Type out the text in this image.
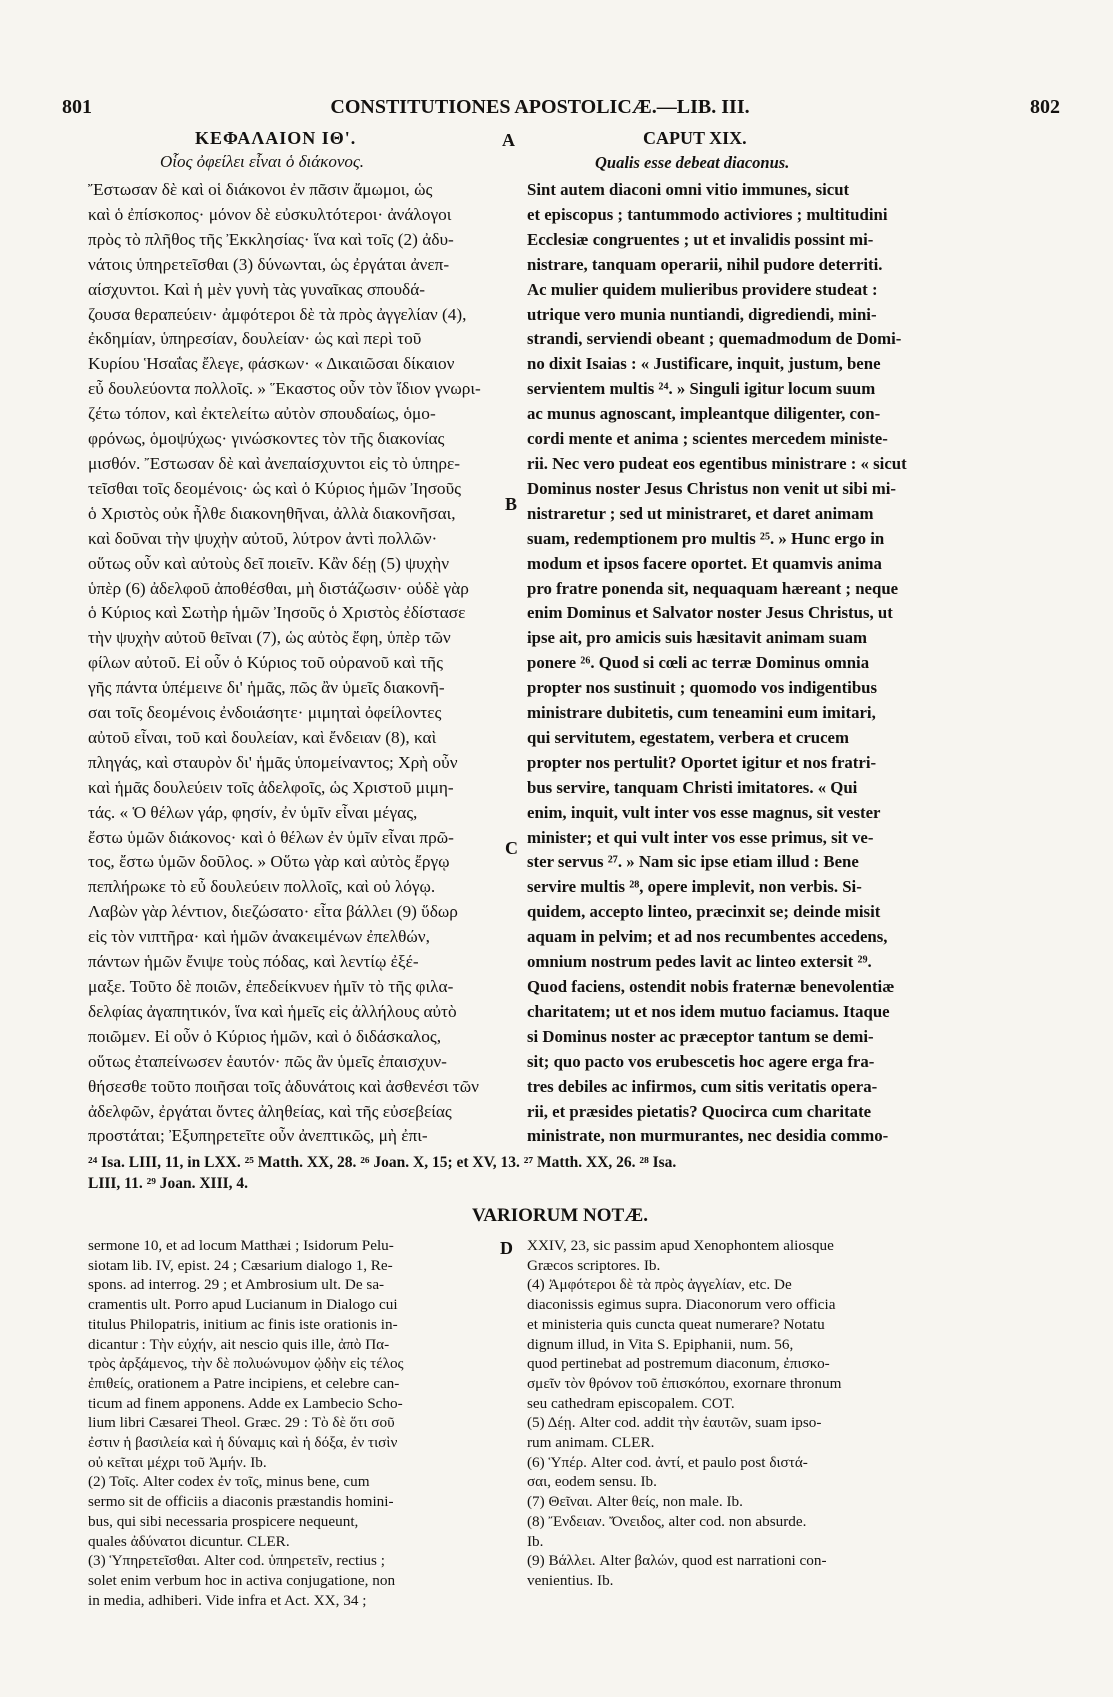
801	CONSTITUTIONES APOSTOLICÆ.—LIB. III.	802
ΚΕΦΑΛΑΙΟΝ ΙΘ'.
Οἷος ὀφείλει εἶναι ὁ διάκονος.
CAPUT XIX.
Qualis esse debeat diaconus.
A
B
C
D
Ἔστωσαν δὲ καὶ οἱ διάκονοι ἐν πᾶσιν ἄμωμοι, ὡς
καὶ ὁ ἐπίσκοπος· μόνον δὲ εὐσκυλτότεροι· ἀνάλογοι
πρὸς τὸ πλῆθος τῆς Ἐκκλησίας· ἵνα καὶ τοῖς (2) ἀδυ-
νάτοις ὑπηρετεῖσθαι (3) δύνωνται, ὡς ἐργάται ἀνεπ-
αίσχυντοι. Καὶ ἡ μὲν γυνὴ τὰς γυναῖκας σπουδά-
ζουσα θεραπεύειν· ἀμφότεροι δὲ τὰ πρὸς ἀγγελίαν (4),
ἐκδημίαν, ὑπηρεσίαν, δουλείαν· ὡς καὶ περὶ τοῦ
Κυρίου Ἡσαΐας ἔλεγε, φάσκων· « Δικαιῶσαι δίκαιον
εὖ δουλεύοντα πολλοῖς. » Ἕκαστος οὖν τὸν ἴδιον γνωρι-
ζέτω τόπον, καὶ ἐκτελείτω αὐτὸν σπουδαίως, ὁμο-
φρόνως, ὁμοψύχως· γινώσκοντες τὸν τῆς διακονίας
μισθόν. Ἔστωσαν δὲ καὶ ἀνεπαίσχυντοι εἰς τὸ ὑπηρε-
τεῖσθαι τοῖς δεομένοις· ὡς καὶ ὁ Κύριος ἡμῶν Ἰησοῦς
ὁ Χριστὸς οὐκ ἦλθε διακονηθῆναι, ἀλλὰ διακονῆσαι,
καὶ δοῦναι τὴν ψυχὴν αὐτοῦ, λύτρον ἀντὶ πολλῶν·
οὕτως οὖν καὶ αὐτοὺς δεῖ ποιεῖν. Κἂν δέῃ (5) ψυχὴν
ὑπὲρ (6) ἀδελφοῦ ἀποθέσθαι, μὴ διστάζωσιν· οὐδὲ γὰρ
ὁ Κύριος καὶ Σωτὴρ ἡμῶν Ἰησοῦς ὁ Χριστὸς ἐδίστασε
τὴν ψυχὴν αὐτοῦ θεῖναι (7), ὡς αὐτὸς ἔφη, ὑπὲρ τῶν
φίλων αὐτοῦ. Εἰ οὖν ὁ Κύριος τοῦ οὐρανοῦ καὶ τῆς
γῆς πάντα ὑπέμεινε δι' ἡμᾶς, πῶς ἂν ὑμεῖς διακονῆ-
σαι τοῖς δεομένοις ἐνδοιάσητε· μιμηταὶ ὀφείλοντες
αὐτοῦ εἶναι, τοῦ καὶ δουλείαν, καὶ ἔνδειαν (8), καὶ
πληγάς, καὶ σταυρὸν δι' ἡμᾶς ὑπομείναντος; Χρὴ οὖν
καὶ ἡμᾶς δουλεύειν τοῖς ἀδελφοῖς, ὡς Χριστοῦ μιμη-
τάς. « Ὁ θέλων γάρ, φησίν, ἐν ὑμῖν εἶναι μέγας,
ἔστω ὑμῶν διάκονος· καὶ ὁ θέλων ἐν ὑμῖν εἶναι πρῶ-
τος, ἔστω ὑμῶν δοῦλος. » Οὕτω γὰρ καὶ αὐτὸς ἔργῳ
πεπλήρωκε τὸ εὖ δουλεύειν πολλοῖς, καὶ οὐ λόγῳ.
Λαβὼν γὰρ λέντιον, διεζώσατο· εἶτα βάλλει (9) ὕδωρ
εἰς τὸν νιπτῆρα· καὶ ἡμῶν ἀνακειμένων ἐπελθών,
πάντων ἡμῶν ἔνιψε τοὺς πόδας, καὶ λεντίῳ ἐξέ-
μαξε. Τοῦτο δὲ ποιῶν, ἐπεδείκνυεν ἡμῖν τὸ τῆς φιλα-
δελφίας ἀγαπητικόν, ἵνα καὶ ἡμεῖς εἰς ἀλλήλους αὐτὸ
ποιῶμεν. Εἰ οὖν ὁ Κύριος ἡμῶν, καὶ ὁ διδάσκαλος,
οὕτως ἐταπείνωσεν ἑαυτόν· πῶς ἂν ὑμεῖς ἐπαισχυν-
θήσεσθε τοῦτο ποιῆσαι τοῖς ἀδυνάτοις καὶ ἀσθενέσι τῶν
ἀδελφῶν, ἐργάται ὄντες ἀληθείας, καὶ τῆς εὐσεβείας
προστάται; Ἐξυπηρετεῖτε οὖν ἀνεπτικῶς, μὴ ἐπι-
Sint autem diaconi omni vitio immunes, sicut
et episcopus ; tantummodo activiores ; multitudini
Ecclesiæ congruentes ; ut et invalidis possint mi-
nistrare, tanquam operarii, nihil pudore deterriti.
Ac mulier quidem mulieribus providere studeat :
utrique vero munia nuntiandi, digrediendi, mini-
strandi, serviendi obeant ; quemadmodum de Domi-
no dixit Isaias : « Justificare, inquit, justum, bene
servientem multis ²⁴. » Singuli igitur locum suum
ac munus agnoscant, impleantque diligenter, con-
cordi mente et anima ; scientes mercedem ministe-
rii. Nec vero pudeat eos egentibus ministrare : « sicut
Dominus noster Jesus Christus non venit ut sibi mi-
nistraretur ; sed ut ministraret, et daret animam
suam, redemptionem pro multis ²⁵. » Hunc ergo in
modum et ipsos facere oportet. Et quamvis anima
pro fratre ponenda sit, nequaquam hæreant ; neque
enim Dominus et Salvator noster Jesus Christus, ut
ipse ait, pro amicis suis hæsitavit animam suam
ponere ²⁶. Quod si cœli ac terræ Dominus omnia
propter nos sustinuit ; quomodo vos indigentibus
ministrare dubitetis, cum teneamini eum imitari,
qui servitutem, egestatem, verbera et crucem
propter nos pertulit? Oportet igitur et nos fratri-
bus servire, tanquam Christi imitatores. « Qui
enim, inquit, vult inter vos esse magnus, sit vester
minister; et qui vult inter vos esse primus, sit ve-
ster servus ²⁷. » Nam sic ipse etiam illud : Bene
servire multis ²⁸, opere implevit, non verbis. Si-
quidem, accepto linteo, præcinxit se; deinde misit
aquam in pelvim; et ad nos recumbentes accedens,
omnium nostrum pedes lavit ac linteo extersit ²⁹.
Quod faciens, ostendit nobis fraternæ benevolentiæ
charitatem; ut et nos idem mutuo faciamus. Itaque
si Dominus noster ac præceptor tantum se demi-
sit; quo pacto vos erubescetis hoc agere erga fra-
tres debiles ac infirmos, cum sitis veritatis opera-
rii, et præsides pietatis? Quocirca cum charitate
ministrate, non murmurantes, nec desidia commo-
²⁴ Isa. LIII, 11, in LXX. ²⁵ Matth. XX, 28. ²⁶ Joan. X, 15; et XV, 13. ²⁷ Matth. XX, 26. ²⁸ Isa.
LIII, 11. ²⁹ Joan. XIII, 4.
VARIORUM NOTÆ.
sermone 10, et ad locum Matthæi ; Isidorum Pelu-
siotam lib. IV, epist. 24 ; Cæsarium dialogo 1, Re-
spons. ad interrog. 29 ; et Ambrosium ult. De sa-
cramentis ult. Porro apud Lucianum in Dialogo cui
titulus Philopatris, initium ac finis iste orationis in-
dicantur : Τὴν εὐχήν, ait nescio quis ille, ἀπὸ Πα-
τρὸς ἀρξάμενος, τὴν δὲ πολυώνυμον ᾠδὴν εἰς τέλος
ἐπιθείς, orationem a Patre incipiens, et celebre can-
ticum ad finem apponens. Adde ex Lambecio Scho-
lium libri Cæsarei Theol. Græc. 29 : Τὸ δὲ ὅτι σοῦ
ἐστιν ἡ βασιλεία καὶ ἡ δύναμις καὶ ἡ δόξα, ἐν τισὶν
οὐ κεῖται μέχρι τοῦ Ἀμήν. Ib.
(2) Τοῖς. Alter codex ἐν τοῖς, minus bene, cum
sermo sit de officiis a diaconis præstandis homini-
bus, qui sibi necessaria prospicere nequeunt,
quales ἀδύνατοι dicuntur. CLER.
(3) Ὑπηρετεῖσθαι. Alter cod. ὑπηρετεῖν, rectius ;
solet enim verbum hoc in activa conjugatione, non
in media, adhiberi. Vide infra et Act. XX, 34 ;
XXIV, 23, sic passim apud Xenophontem aliosque
Græcos scriptores. Ib.
(4) Ἀμφότεροι δὲ τὰ πρὸς ἀγγελίαν, etc. De
diaconissis egimus supra. Diaconorum vero officia
et ministeria quis cuncta queat numerare? Notatu
dignum illud, in Vita S. Epiphanii, num. 56,
quod pertinebat ad postremum diaconum, ἐπισκο-
σμεῖν τὸν θρόνον τοῦ ἐπισκόπου, exornare thronum
seu cathedram episcopalem. COT.
(5) Δέῃ. Alter cod. addit τὴν ἑαυτῶν, suam ipso-
rum animam. CLER.
(6) Ὑπέρ. Alter cod. ἀντί, et paulo post διστά-
σαι, eodem sensu. Ib.
(7) Θεῖναι. Alter θείς, non male. Ib.
(8) Ἔνδειαν. Ὄνειδος, alter cod. non absurde.
Ib.
(9) Βάλλει. Alter βαλών, quod est narrationi con-
venientius. Ib.
